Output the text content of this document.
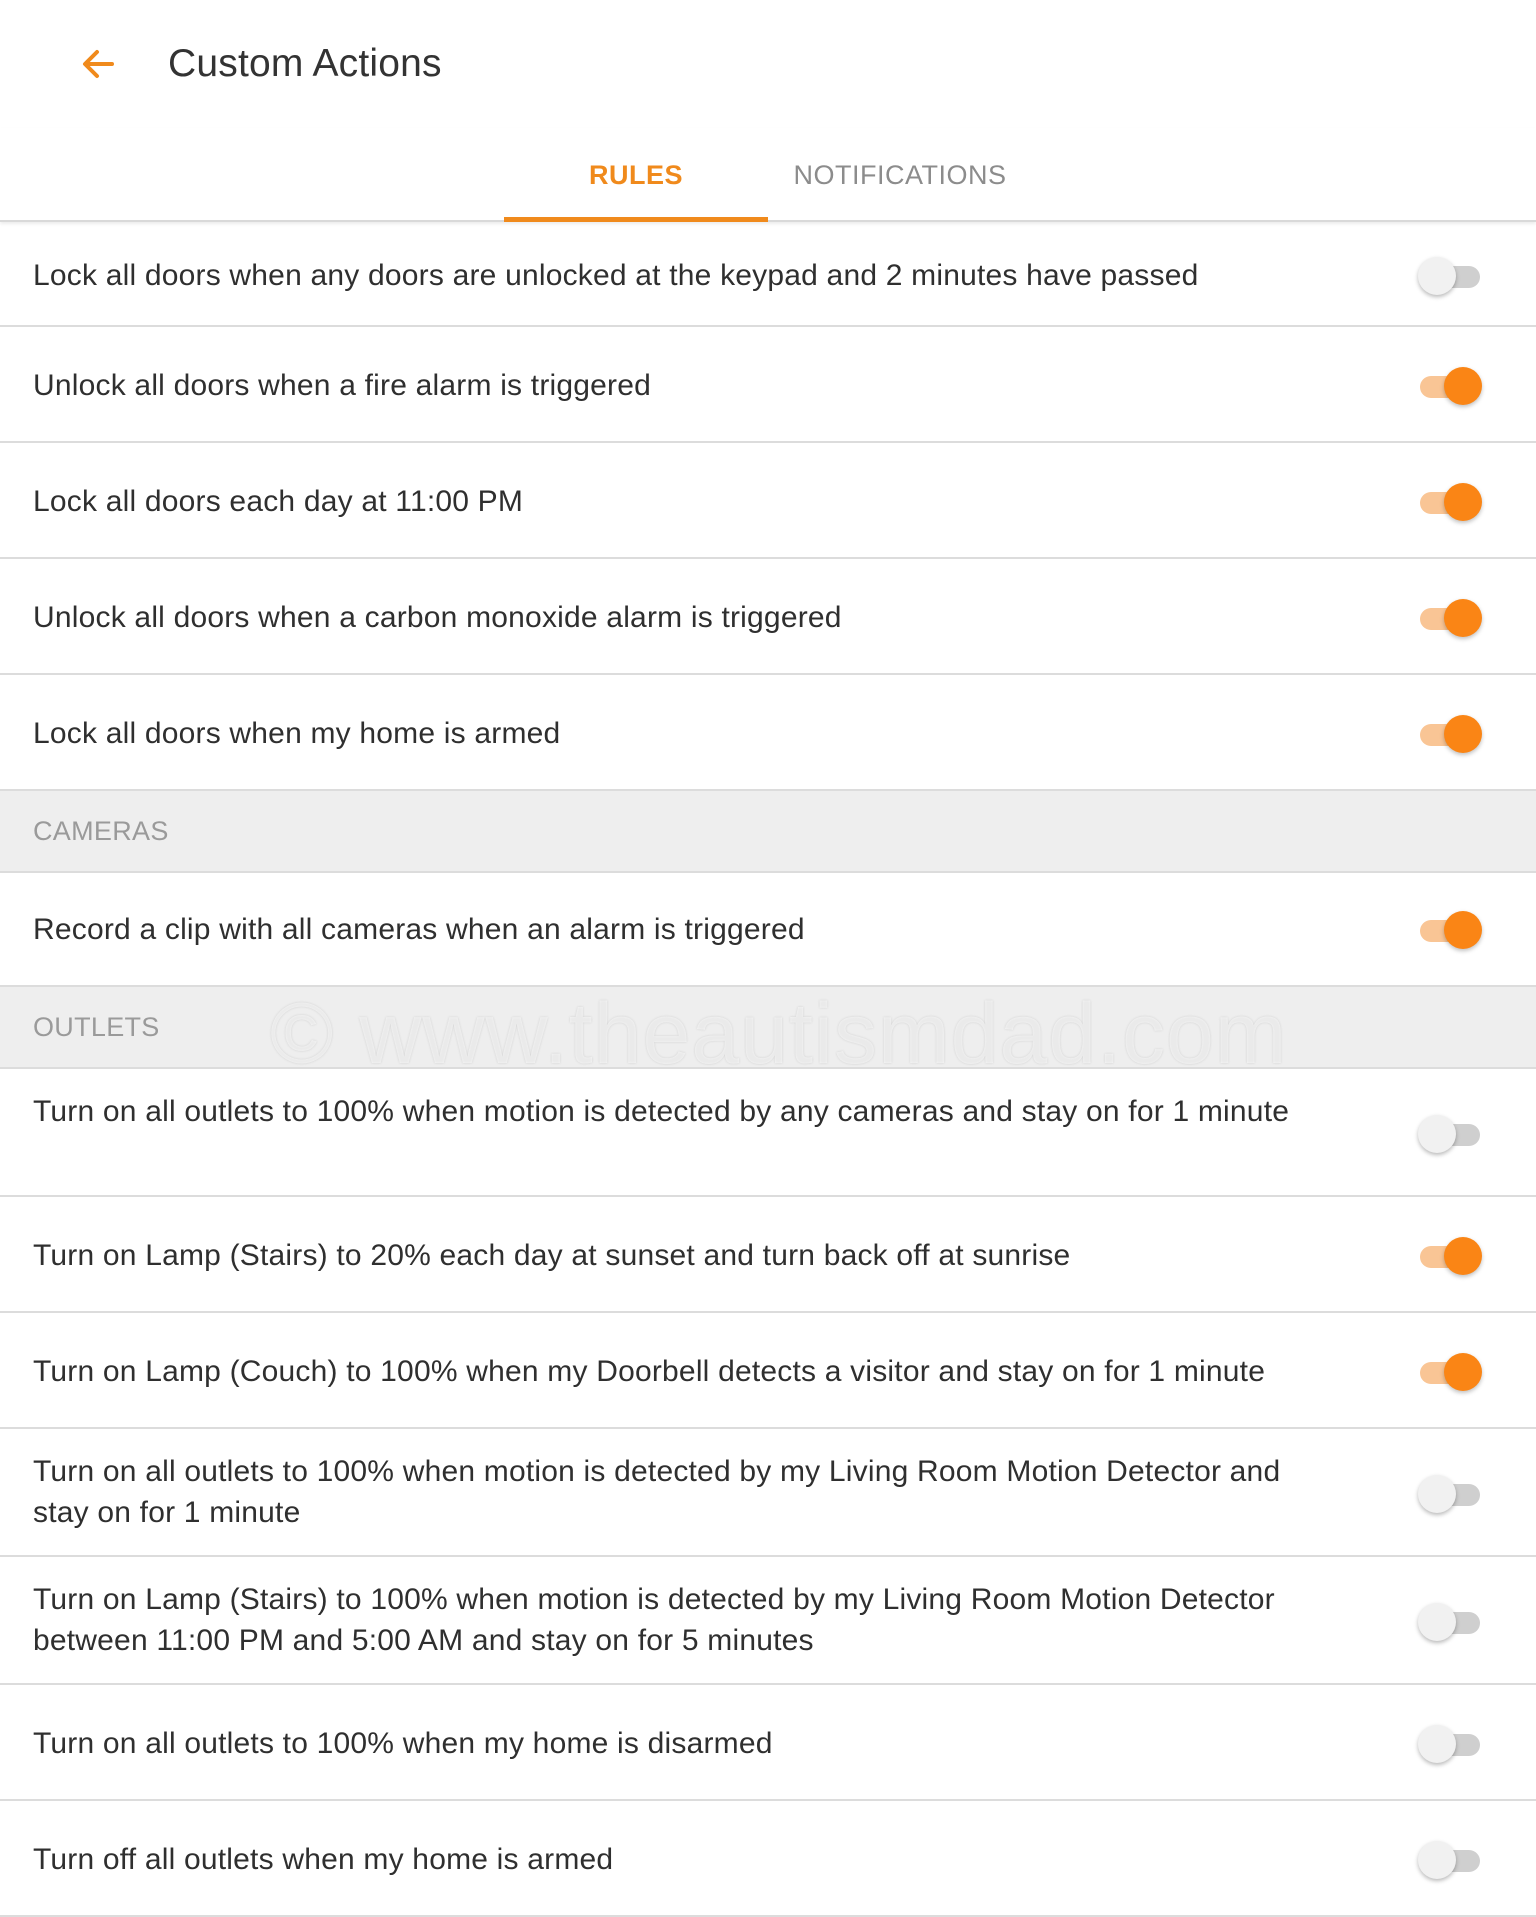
Custom Actions
RULES	NOTIFICATIONS
Lock all doors when any doors are unlocked at the keypad and 2 minutes have passed
Unlock all doors when a fire alarm is triggered
Lock all doors each day at 11:00 PM
Unlock all doors when a carbon monoxide alarm is triggered
Lock all doors when my home is armed
CAMERAS
Record a clip with all cameras when an alarm is triggered
OUTLETS
Turn on all outlets to 100% when motion is detected by any cameras and stay on for 1 minute
Turn on Lamp (Stairs) to 20% each day at sunset and turn back off at sunrise
Turn on Lamp (Couch) to 100% when my Doorbell detects a visitor and stay on for 1 minute
Turn on all outlets to 100% when motion is detected by my Living Room Motion Detector and stay on for 1 minute
Turn on Lamp (Stairs) to 100% when motion is detected by my Living Room Motion Detector between 11:00 PM and 5:00 AM and stay on for 5 minutes
Turn on all outlets to 100% when my home is disarmed
Turn off all outlets when my home is armed
© www.theautismdad.com
